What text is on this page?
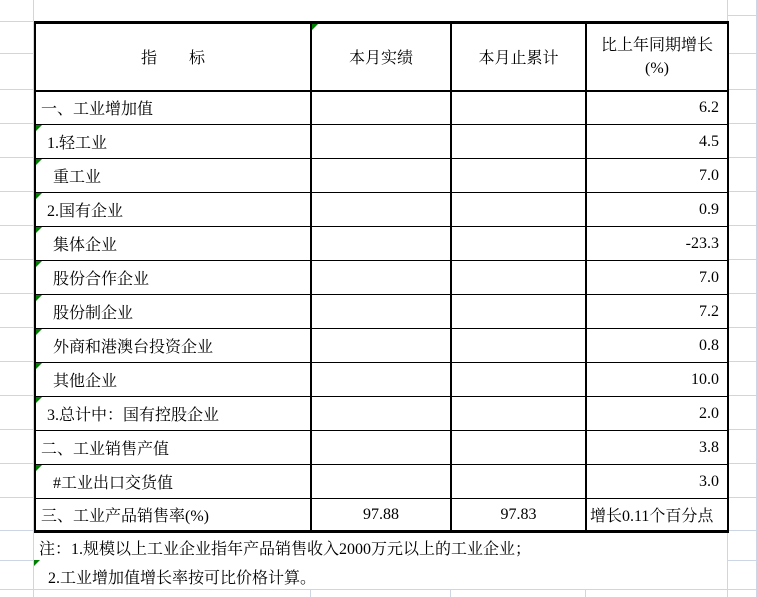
指　　标	本月实绩	本月止累计	比上年同期增长
(%)

一、工业增加值			6.2
1.轻工业			4.5
重工业			7.0
2.国有企业			0.9
集体企业			-23.3
股份合作企业			7.0
股份制企业			7.2
外商和港澳台投资企业			0.8
其他企业			10.0
3.总计中：国有控股企业			2.0
二、工业销售产值			3.8
#工业出口交货值			3.0
三、工业产品销售率(%)	97.88	97.83	增长0.11个百分点
注：1.规模以上工业企业指年产品销售收入2000万元以上的工业企业；
2.工业增加值增长率按可比价格计算。
